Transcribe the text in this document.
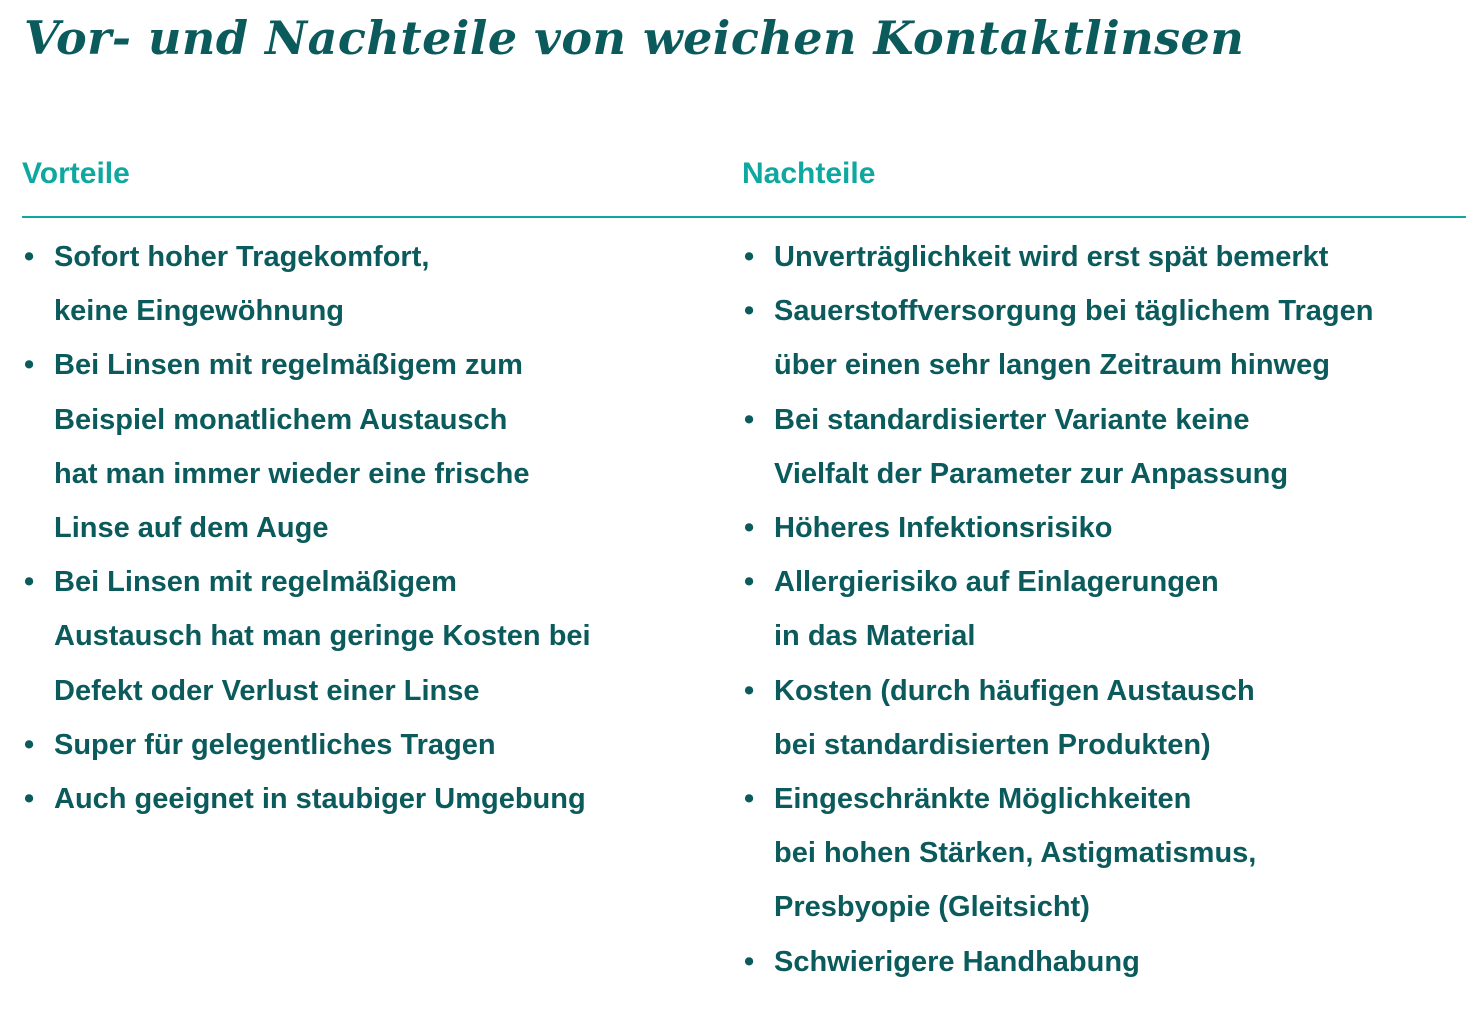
Vor- und Nachteile von weichen Kontaktlinsen
Vorteile	Nachteile
• Sofort hoher Tragekomfort,
keine Eingewöhnung
• Bei Linsen mit regelmäßigem zum
Beispiel monatlichem Austausch
hat man immer wieder eine frische
Linse auf dem Auge
• Bei Linsen mit regelmäßigem
Austausch hat man geringe Kosten bei
Defekt oder Verlust einer Linse
• Super für gelegentliches Tragen
• Auch geeignet in staubiger Umgebung
• Unverträglichkeit wird erst spät bemerkt
• Sauerstoffversorgung bei täglichem Tragen
über einen sehr langen Zeitraum hinweg
• Bei standardisierter Variante keine
Vielfalt der Parameter zur Anpassung
• Höheres Infektionsrisiko
• Allergierisiko auf Einlagerungen
in das Material
• Kosten (durch häufigen Austausch
bei standardisierten Produkten)
• Eingeschränkte Möglichkeiten
bei hohen Stärken, Astigmatismus,
Presbyopie (Gleitsicht)
• Schwierigere Handhabung
